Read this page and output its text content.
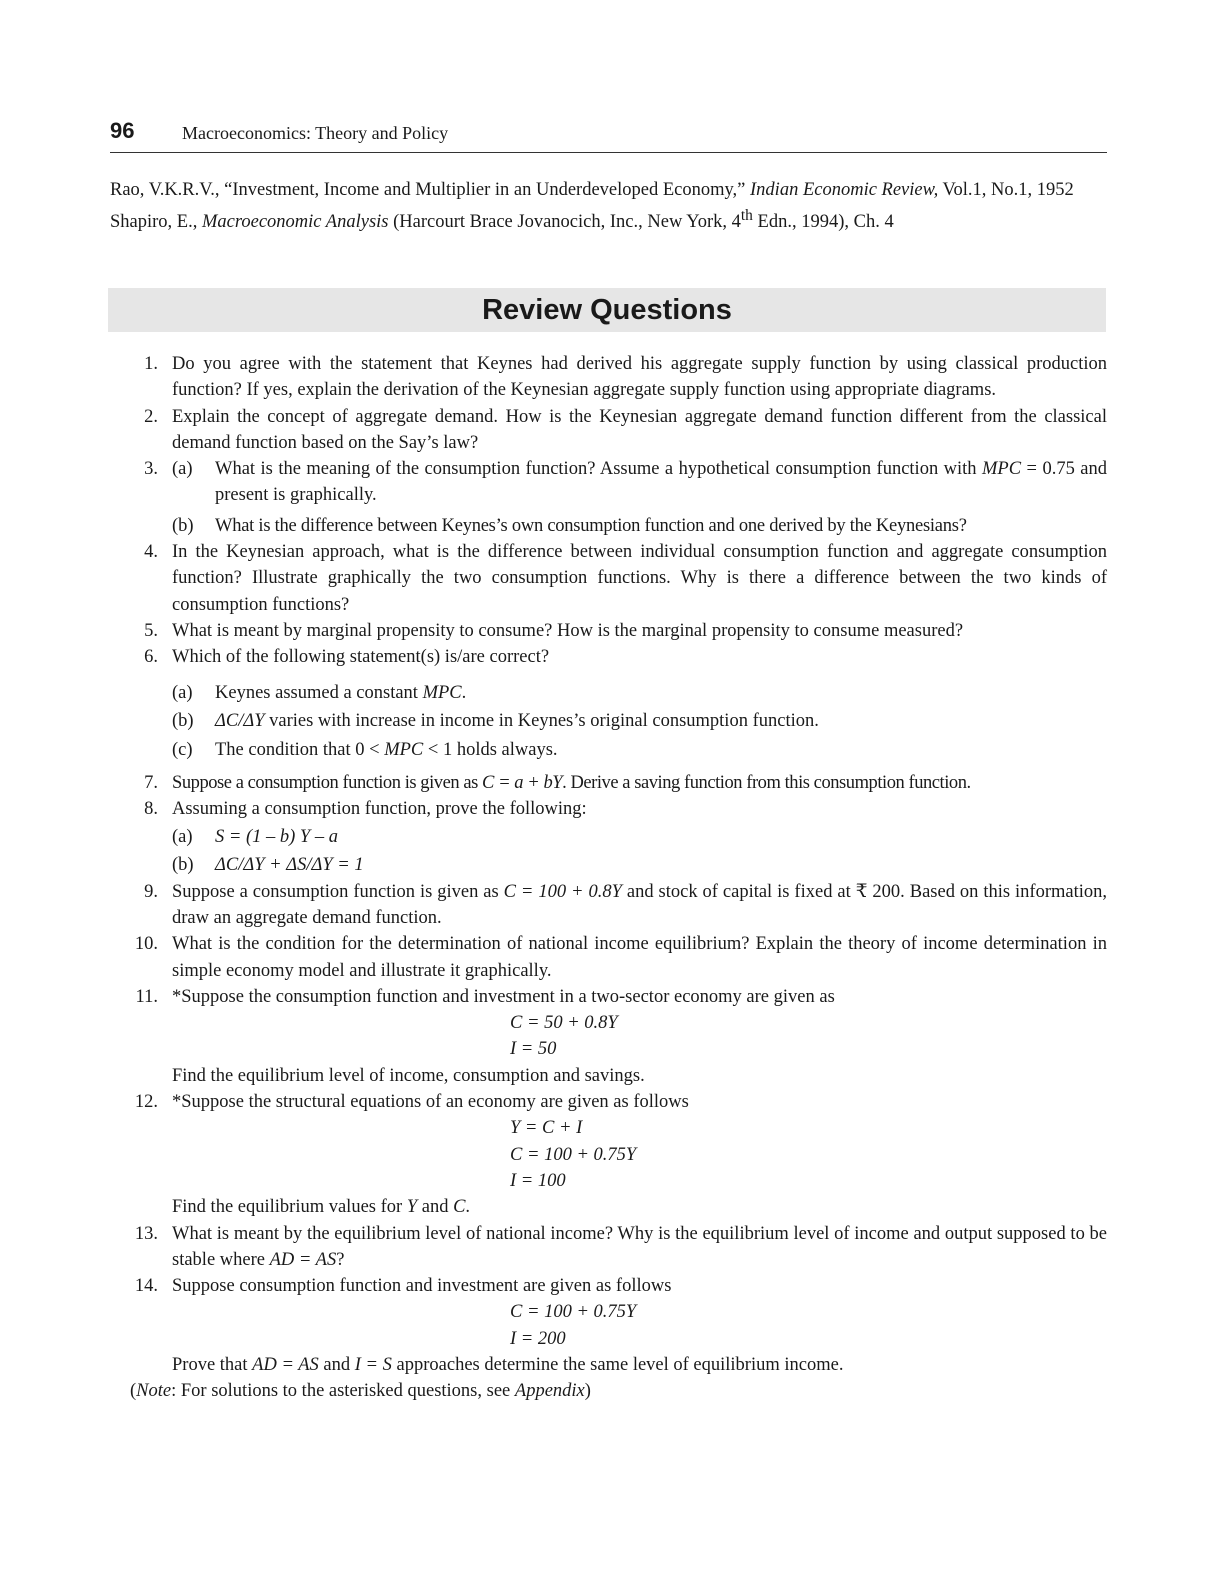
96	Macroeconomics: Theory and Policy
Rao, V.K.R.V., “Investment, Income and Multiplier in an Underdeveloped Economy,” Indian Economic Review, Vol.1, No.1, 1952
Shapiro, E., Macroeconomic Analysis (Harcourt Brace Jovanocich, Inc., New York, 4th Edn., 1994), Ch. 4
Review Questions
1. Do you agree with the statement that Keynes had derived his aggregate supply function by using classical production function? If yes, explain the derivation of the Keynesian aggregate supply function using appropriate diagrams.
2. Explain the concept of aggregate demand. How is the Keynesian aggregate demand function different from the classical demand function based on the Say’s law?
3. (a) What is the meaning of the consumption function? Assume a hypothetical consumption function with MPC = 0.75 and present is graphically.
(b) What is the difference between Keynes’s own consumption function and one derived by the Keynesians?
4. In the Keynesian approach, what is the difference between individual consumption function and aggregate consumption function? Illustrate graphically the two consumption functions. Why is there a difference between the two kinds of consumption functions?
5. What is meant by marginal propensity to consume? How is the marginal propensity to consume measured?
6. Which of the following statement(s) is/are correct?
(a) Keynes assumed a constant MPC.
(b) ΔC/ΔY varies with increase in income in Keynes’s original consumption function.
(c) The condition that 0 < MPC < 1 holds always.
7. Suppose a consumption function is given as C = a + bY. Derive a saving function from this consumption function.
8. Assuming a consumption function, prove the following:
(a) S = (1 – b) Y – a
(b) ΔC/ΔY + ΔS/ΔY = 1
9. Suppose a consumption function is given as C = 100 + 0.8Y and stock of capital is fixed at ₹ 200. Based on this information, draw an aggregate demand function.
10. What is the condition for the determination of national income equilibrium? Explain the theory of income determination in simple economy model and illustrate it graphically.
11. *Suppose the consumption function and investment in a two-sector economy are given as
C = 50 + 0.8Y
I = 50
Find the equilibrium level of income, consumption and savings.
12. *Suppose the structural equations of an economy are given as follows
Y = C + I
C = 100 + 0.75Y
I = 100
Find the equilibrium values for Y and C.
13. What is meant by the equilibrium level of national income? Why is the equilibrium level of income and output supposed to be stable where AD = AS?
14. Suppose consumption function and investment are given as follows
C = 100 + 0.75Y
I = 200
Prove that AD = AS and I = S approaches determine the same level of equilibrium income.
(Note: For solutions to the asterisked questions, see Appendix)
